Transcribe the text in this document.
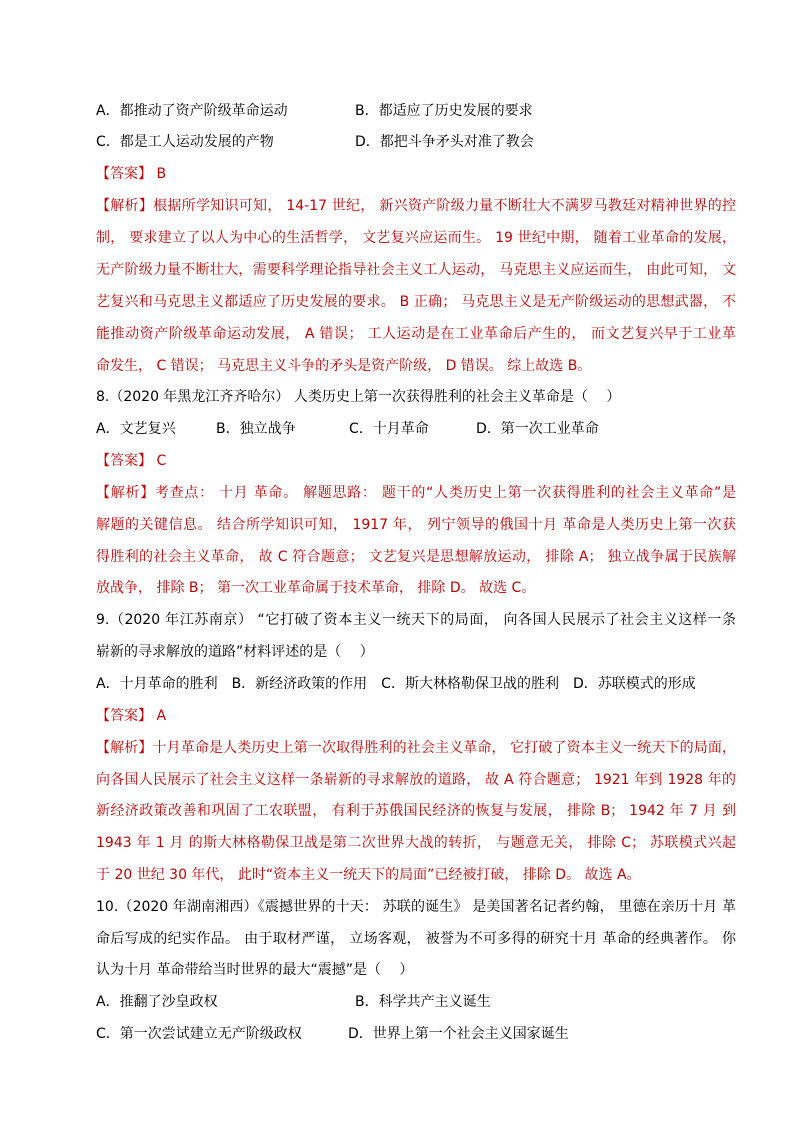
A．都推动了资产阶级革命运动	B．都适应了历史发展的要求
C．都是工人运动发展的产物	D．都把斗争矛头对准了教会
【答案】 B
【解析】根据所学知识可知， 14-17 世纪， 新兴资产阶级力量不断壮大不满罗马教廷对精神世界的控
制， 要求建立了以人为中心的生活哲学， 文艺复兴应运而生。 19 世纪中期， 随着工业革命的发展，
无产阶级力量不断壮大，需要科学理论指导社会主义工人运动， 马克思主义应运而生， 由此可知， 文
艺复兴和马克思主义都适应了历史发展的要求。 B 正确； 马克思主义是无产阶级运动的思想武器， 不
能推动资产阶级革命运动发展， A 错误； 工人运动是在工业革命后产生的， 而文艺复兴早于工业革
命发生， C 错误； 马克思主义斗争的矛头是资产阶级， D 错误。 综上故选 B。
8.（2020 年黑龙江齐齐哈尔） 人类历史上第一次获得胜利的社会主义革命是（　 ）
A．文艺复兴	B．独立战争	C．十月革命	D．第一次工业革命
【答案】 C
【解析】考查点： 十月 革命。 解题思路： 题干的“人类历史上第一次获得胜利的社会主义革命”是
解题的关键信息。 结合所学知识可知， 1917 年， 列宁领导的俄国十月 革命是人类历史上第一次获
得胜利的社会主义革命， 故 C 符合题意； 文艺复兴是思想解放运动， 排除 A； 独立战争属于民族解
放战争， 排除 B； 第一次工业革命属于技术革命， 排除 D。 故选 C。
9.（2020 年江苏南京） “它打破了资本主义一统天下的局面， 向各国人民展示了社会主义这样一条
崭新的寻求解放的道路”材料评述的是（　 ）
A．十月革命的胜利　B．新经济政策的作用　C．斯大林格勒保卫战的胜利　D．苏联模式的形成
【答案】 A
【解析】十月革命是人类历史上第一次取得胜利的社会主义革命， 它打破了资本主义一统天下的局面，
向各国人民展示了社会主义这样一条崭新的寻求解放的道路， 故 A 符合题意； 1921 年到 1928 年的
新经济政策改善和巩固了工农联盟， 有利于苏俄国民经济的恢复与发展， 排除 B； 1942 年 7 月 到
1943 年 1 月 的斯大林格勒保卫战是第二次世界大战的转折， 与题意无关， 排除 C； 苏联模式兴起
于 20 世纪 30 年代， 此时“资本主义一统天下的局面”已经被打破， 排除 D。 故选 A。
10.（2020 年湖南湘西）《震撼世界的十天： 苏联的诞生》 是美国著名记者约翰， 里德在亲历十月 革
命后写成的纪实作品。 由于取材严谨， 立场客观， 被誉为不可多得的研究十月 革命的经典著作。 你
认为十月 革命带给当时世界的最大“震撼”是（　 ）
A．推翻了沙皇政权	B．科学共产主义诞生
C．第一次尝试建立无产阶级政权	D．世界上第一个社会主义国家诞生
